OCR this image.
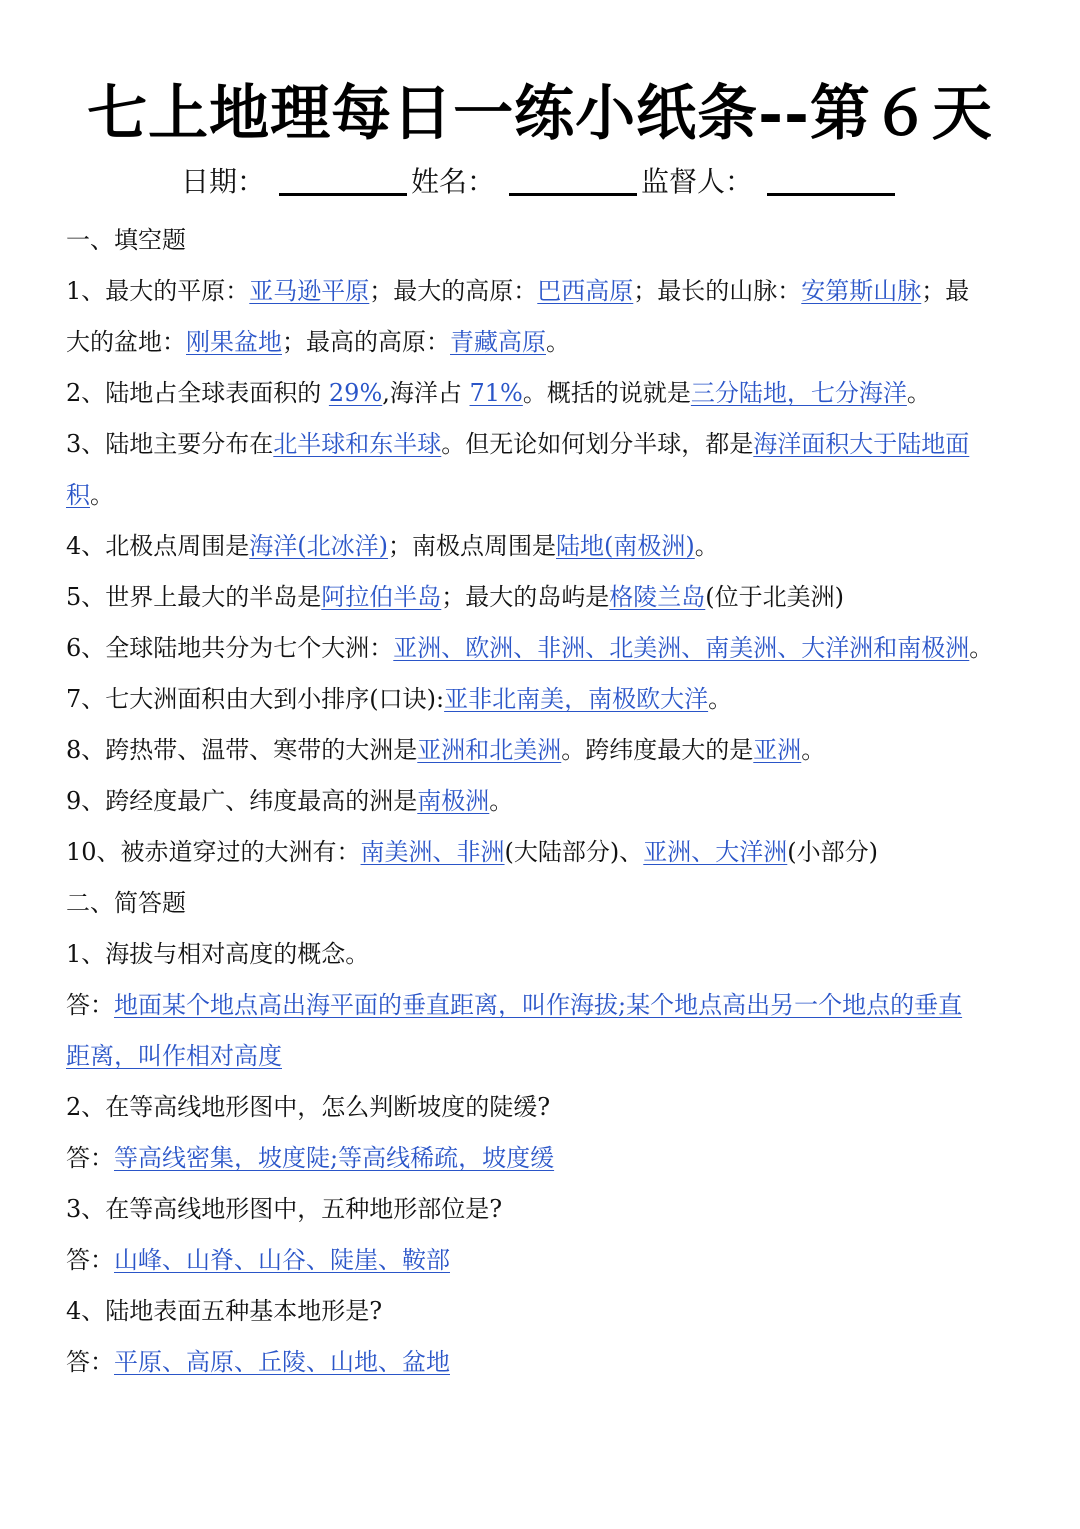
七上地理每日一练小纸条--第６天
日期：	姓名：	监督人：
一、填空题
1、最大的平原：亚马逊平原；最大的高原：巴西高原；最长的山脉：安第斯山脉；最
大的盆地：刚果盆地；最高的高原：青藏高原。
2、陆地占全球表面积的 29%,海洋占 71%。概括的说就是三分陆地，七分海洋。
3、陆地主要分布在北半球和东半球。但无论如何划分半球，都是海洋面积大于陆地面
积。
4、北极点周围是海洋(北冰洋)；南极点周围是陆地(南极洲)。
5、世界上最大的半岛是阿拉伯半岛；最大的岛屿是格陵兰岛(位于北美洲)
6、全球陆地共分为七个大洲：亚洲、欧洲、非洲、北美洲、南美洲、大洋洲和南极洲。
7、七大洲面积由大到小排序(口诀):亚非北南美，南极欧大洋。
8、跨热带、温带、寒带的大洲是亚洲和北美洲。跨纬度最大的是亚洲。
9、跨经度最广、纬度最高的洲是南极洲。
10、被赤道穿过的大洲有：南美洲、非洲(大陆部分)、亚洲、大洋洲(小部分)
二、简答题
1、海拔与相对高度的概念。
答：地面某个地点高出海平面的垂直距离，叫作海拔;某个地点高出另一个地点的垂直
距离，叫作相对高度
2、在等高线地形图中，怎么判断坡度的陡缓?
答：等高线密集，坡度陡;等高线稀疏，坡度缓
3、在等高线地形图中，五种地形部位是?
答：山峰、山脊、山谷、陡崖、鞍部
4、陆地表面五种基本地形是?
答：平原、高原、丘陵、山地、盆地
